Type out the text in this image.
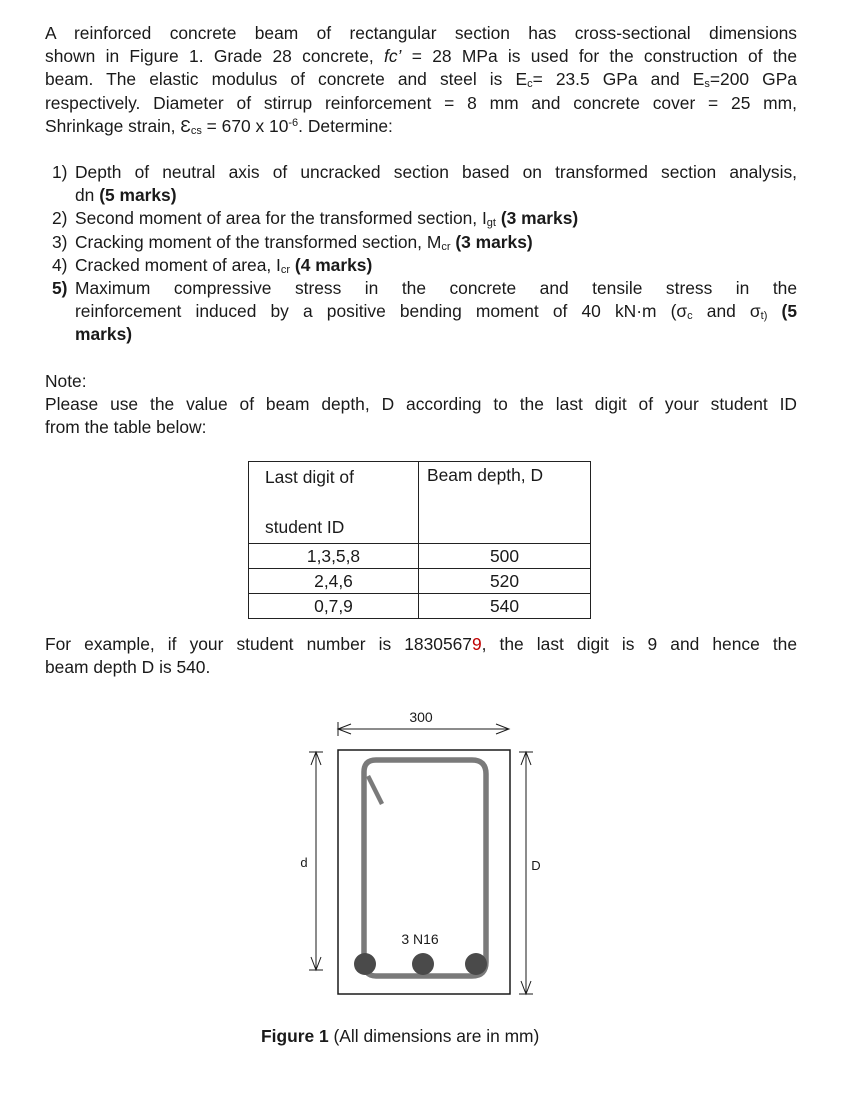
A reinforced concrete beam of rectangular section has cross-sectional dimensions
shown in Figure 1. Grade 28 concrete, fc’ = 28 MPa is used for the construction of the
beam. The elastic modulus of concrete and steel is $E_c= 23.5$ GPa and $E_s=200$ GPa
respectively. Diameter of stirrup reinforcement = 8 mm and concrete cover = 25 mm,
Shrinkage strain, $Ɛ_{cs} = 670$ x $10^{-6}$. Determine:
1) Depth of neutral axis of uncracked section based on transformed section analysis,
dn (5 marks)
2) Second moment of area for the transformed section, $I_{gt}$ (3 marks)
3) Cracking moment of the transformed section, $M_{cr}$ (3 marks)
4) Cracked moment of area, $I_{cr}$ (4 marks)
5) Maximum compressive stress in the concrete and tensile stress in the
reinforcement induced by a positive bending moment of 40 kN·m ($\sigma_c$ and $\sigma_{t)}$ (5
marks)
Note:
Please use the value of beam depth, D according to the last digit of your student ID
from the table below:
Last digit of

student ID	Beam depth, D

1,3,5,8	500
2,4,6	520
0,7,9	540
For example, if your student number is 18305679, the last digit is 9 and hence the
beam depth D is 540.
300
3 N16
d	D
Figure 1 (All dimensions are in mm)
